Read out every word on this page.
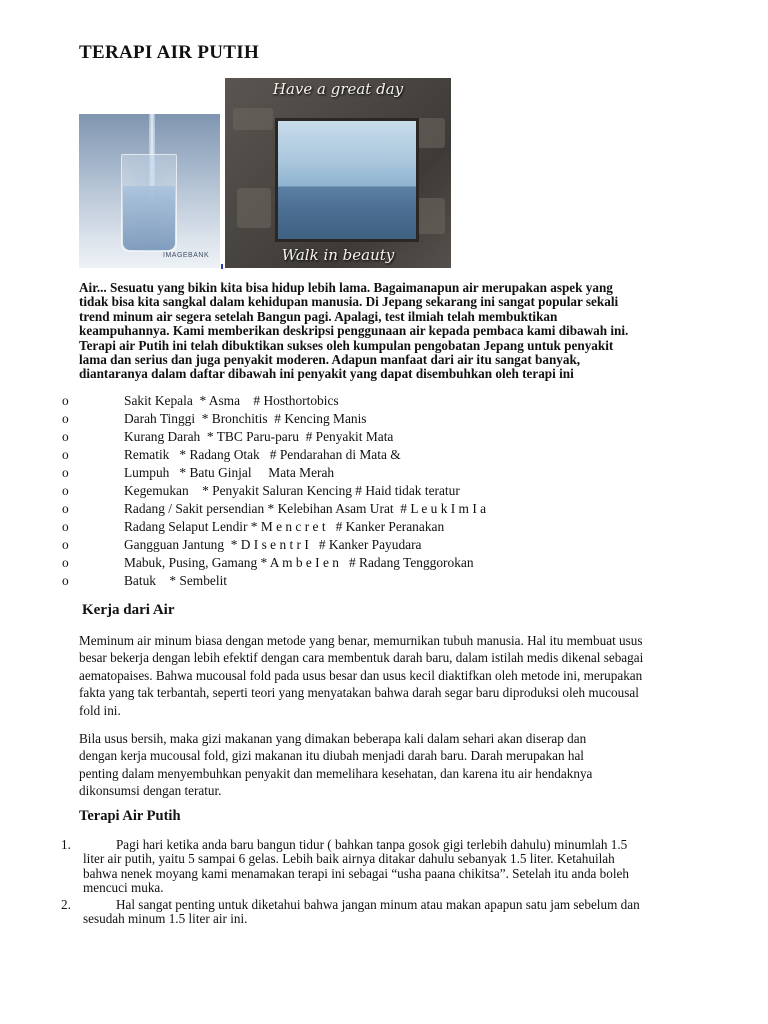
TERAPI AIR PUTIH
IMAGEBANK
Have a great day
Walk in beauty
Air... Sesuatu yang bikin kita bisa hidup lebih lama. Bagaimanapun air merupakan aspek yang
tidak bisa kita sangkal dalam kehidupan manusia. Di Jepang sekarang ini sangat popular sekali
trend minum air segera setelah Bangun pagi. Apalagi, test ilmiah telah membuktikan
keampuhannya. Kami memberikan deskripsi penggunaan air kepada pembaca kami dibawah ini.
Terapi air Putih ini telah dibuktikan sukses oleh kumpulan pengobatan Jepang untuk penyakit
lama dan serius dan juga penyakit moderen. Adapun manfaat dari air itu sangat banyak,
diantaranya dalam daftar dibawah ini penyakit yang dapat disembuhkan oleh terapi ini
o	Sakit Kepala  * Asma    # Hosthortobics
o	Darah Tinggi  * Bronchitis  # Kencing Manis
o	Kurang Darah  * TBC Paru-paru  # Penyakit Mata
o	Rematik   * Radang Otak   # Pendarahan di Mata &
o	Lumpuh   * Batu Ginjal     Mata Merah
o	Kegemukan    * Penyakit Saluran Kencing # Haid tidak teratur
o	Radang / Sakit persendian * Kelebihan Asam Urat  # L e u k I m I a
o	Radang Selaput Lendir * M e n c r e t   # Kanker Peranakan
o	Gangguan Jantung  * D I s e n t r I   # Kanker Payudara
o	Mabuk, Pusing, Gamang * A m b e I e n   # Radang Tenggorokan
o	Batuk    * Sembelit
Kerja dari Air
Meminum air minum biasa dengan metode yang benar, memurnikan tubuh manusia. Hal itu membuat usus
besar bekerja dengan lebih efektif dengan cara membentuk darah baru, dalam istilah medis dikenal sebagai
aematopaises. Bahwa mucousal fold pada usus besar dan usus kecil diaktifkan oleh metode ini, merupakan
fakta yang tak terbantah, seperti teori yang menyatakan bahwa darah segar baru diproduksi oleh mucousal
fold ini.
Bila usus bersih, maka gizi makanan yang dimakan beberapa kali dalam sehari akan diserap dan
dengan kerja mucousal fold, gizi makanan itu diubah menjadi darah baru. Darah merupakan hal
penting dalam menyembuhkan penyakit dan memelihara kesehatan, dan karena itu air hendaknya
dikonsumsi dengan teratur.
Terapi Air Putih
1. Pagi hari ketika anda baru bangun tidur ( bahkan tanpa gosok gigi terlebih dahulu) minumlah 1.5
liter air putih, yaitu 5 sampai 6 gelas. Lebih baik airnya ditakar dahulu sebanyak 1.5 liter. Ketahuilah
bahwa nenek moyang kami menamakan terapi ini sebagai “usha paana chikitsa”. Setelah itu anda boleh
mencuci muka.
2. Hal sangat penting untuk diketahui bahwa jangan minum atau makan apapun satu jam sebelum dan
sesudah minum 1.5 liter air ini.
